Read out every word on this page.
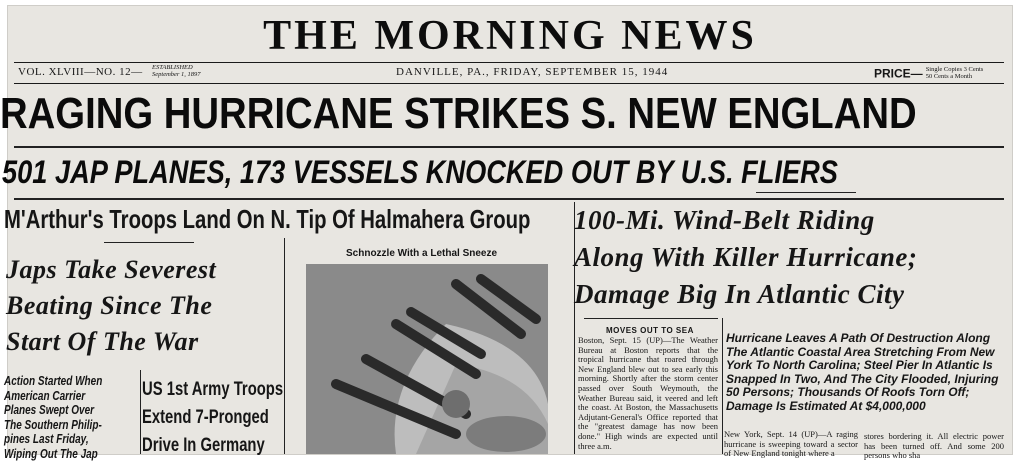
THE MORNING NEWS
VOL. XLVIII—NO. 12— ESTABLISHED
September 1, 1897	DANVILLE, PA., FRIDAY, SEPTEMBER 15, 1944	PRICE— Single Copies 3 Cents
50 Cents a Month
RAGING HURRICANE STRIKES S. NEW ENGLAND
501 JAP PLANES, 173 VESSELS KNOCKED OUT BY U.S. FLIERS
M'Arthur's Troops Land On N. Tip Of Halmahera Group 100-Mi. Wind-Belt Riding
Along With Killer Hurricane;
Damage Big In Atlantic City
Japs Take Severest
Beating Since The
Start Of The War
Schnozzle With a Lethal Sneeze
Action Started When
American Carrier
Planes Swept Over
The Southern Philip-
pines Last Friday,
Wiping Out The Jap
US 1st Army Troops
Extend 7-Pronged
Drive In Germany
MOVES OUT TO SEA
Boston, Sept. 15 (UP)—The Weather Bureau at Boston reports that the tropical hurricane that roared through New England blew out to sea early this morning. Shortly after the storm center passed over South Weymouth, the Weather Bureau said, it veered and left the coast. At Boston, the Massachusetts Adjutant-General's Office reported that the "greatest damage has now been done." High winds are expected until three a.m.
Hurricane Leaves A Path Of Destruction Along The Atlantic Coastal Area Stretching From New York To North Carolina; Steel Pier In Atlantic Is Snapped In Two, And The City Flooded, Injuring 50 Persons; Thousands Of Roofs Torn Off; Damage Is Estimated At $4,000,000
New York, Sept. 14 (UP)—A raging hurricane is sweeping toward a sector of New England tonight where a
stores bordering it. All electric power has been turned off. And some 200 persons who sha
